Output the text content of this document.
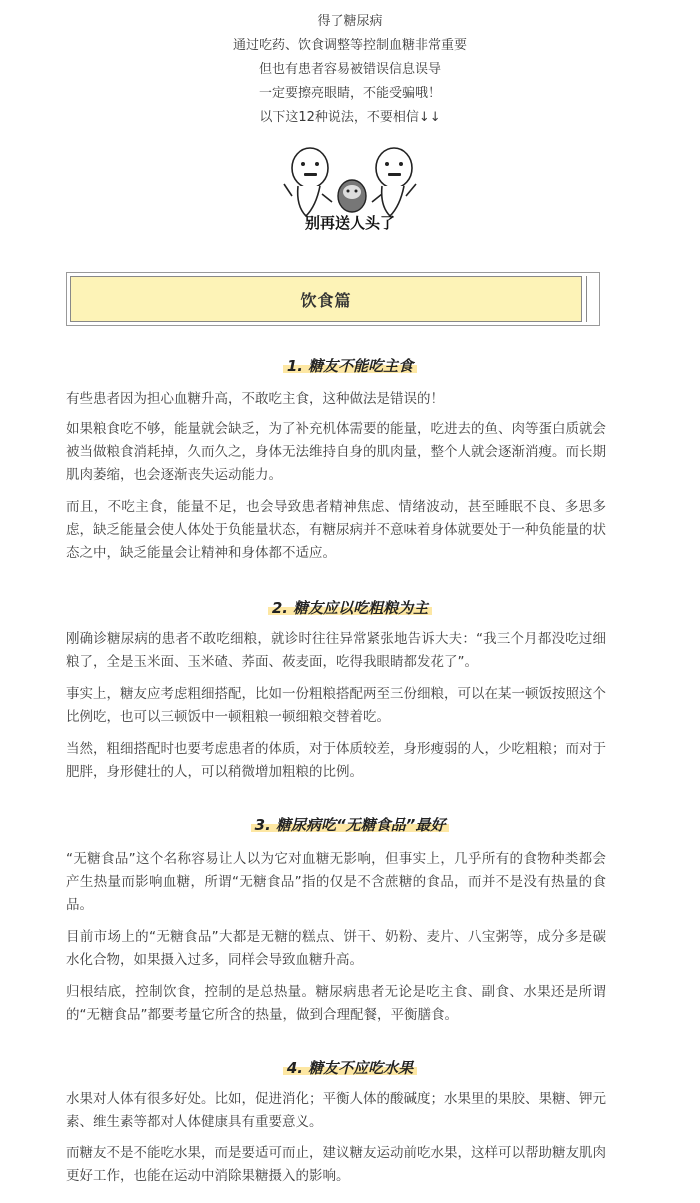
得了糖尿病

通过吃药、饮食调整等控制血糖非常重要

但也有患者容易被错误信息误导

一定要擦亮眼睛，不能受骗哦！

以下这12种说法，不要相信↓↓

别再送人头了
饮食篇
1. 糖友不能吃主食

有些患者因为担心血糖升高，不敢吃主食，这种做法是错误的！

如果粮食吃不够，能量就会缺乏，为了补充机体需要的能量，吃进去的鱼、肉等蛋白质就会被当做粮食消耗掉，久而久之，身体无法维持自身的肌肉量，整个人就会逐渐消瘦。而长期肌肉萎缩，也会逐渐丧失运动能力。

而且，不吃主食，能量不足，也会导致患者精神焦虑、情绪波动，甚至睡眠不良、多思多虑，缺乏能量会使人体处于负能量状态，有糖尿病并不意味着身体就要处于一种负能量的状态之中，缺乏能量会让精神和身体都不适应。

2. 糖友应以吃粗粮为主

刚确诊糖尿病的患者不敢吃细粮，就诊时往往异常紧张地告诉大夫：“我三个月都没吃过细粮了，全是玉米面、玉米碴、荞面、莜麦面，吃得我眼睛都发花了”。

事实上，糖友应考虑粗细搭配，比如一份粗粮搭配两至三份细粮，可以在某一顿饭按照这个比例吃，也可以三顿饭中一顿粗粮一顿细粮交替着吃。

当然，粗细搭配时也要考虑患者的体质，对于体质较差，身形瘦弱的人，少吃粗粮；而对于肥胖，身形健壮的人，可以稍微增加粗粮的比例。

3. 糖尿病吃“无糖食品”最好

“无糖食品”这个名称容易让人以为它对血糖无影响，但事实上，几乎所有的食物种类都会产生热量而影响血糖，所谓“无糖食品”指的仅是不含蔗糖的食品，而并不是没有热量的食品。

目前市场上的“无糖食品”大都是无糖的糕点、饼干、奶粉、麦片、八宝粥等，成分多是碳水化合物，如果摄入过多，同样会导致血糖升高。

归根结底，控制饮食，控制的是总热量。糖尿病患者无论是吃主食、副食、水果还是所谓的“无糖食品”都要考量它所含的热量，做到合理配餐，平衡膳食。

4. 糖友不应吃水果

水果对人体有很多好处。比如，促进消化；平衡人体的酸碱度；水果里的果胶、果糖、钾元素、维生素等都对人体健康具有重要意义。

而糖友不是不能吃水果，而是要适可而止，建议糖友运动前吃水果，这样可以帮助糖友肌肉更好工作，也能在运动中消除果糖摄入的影响。
